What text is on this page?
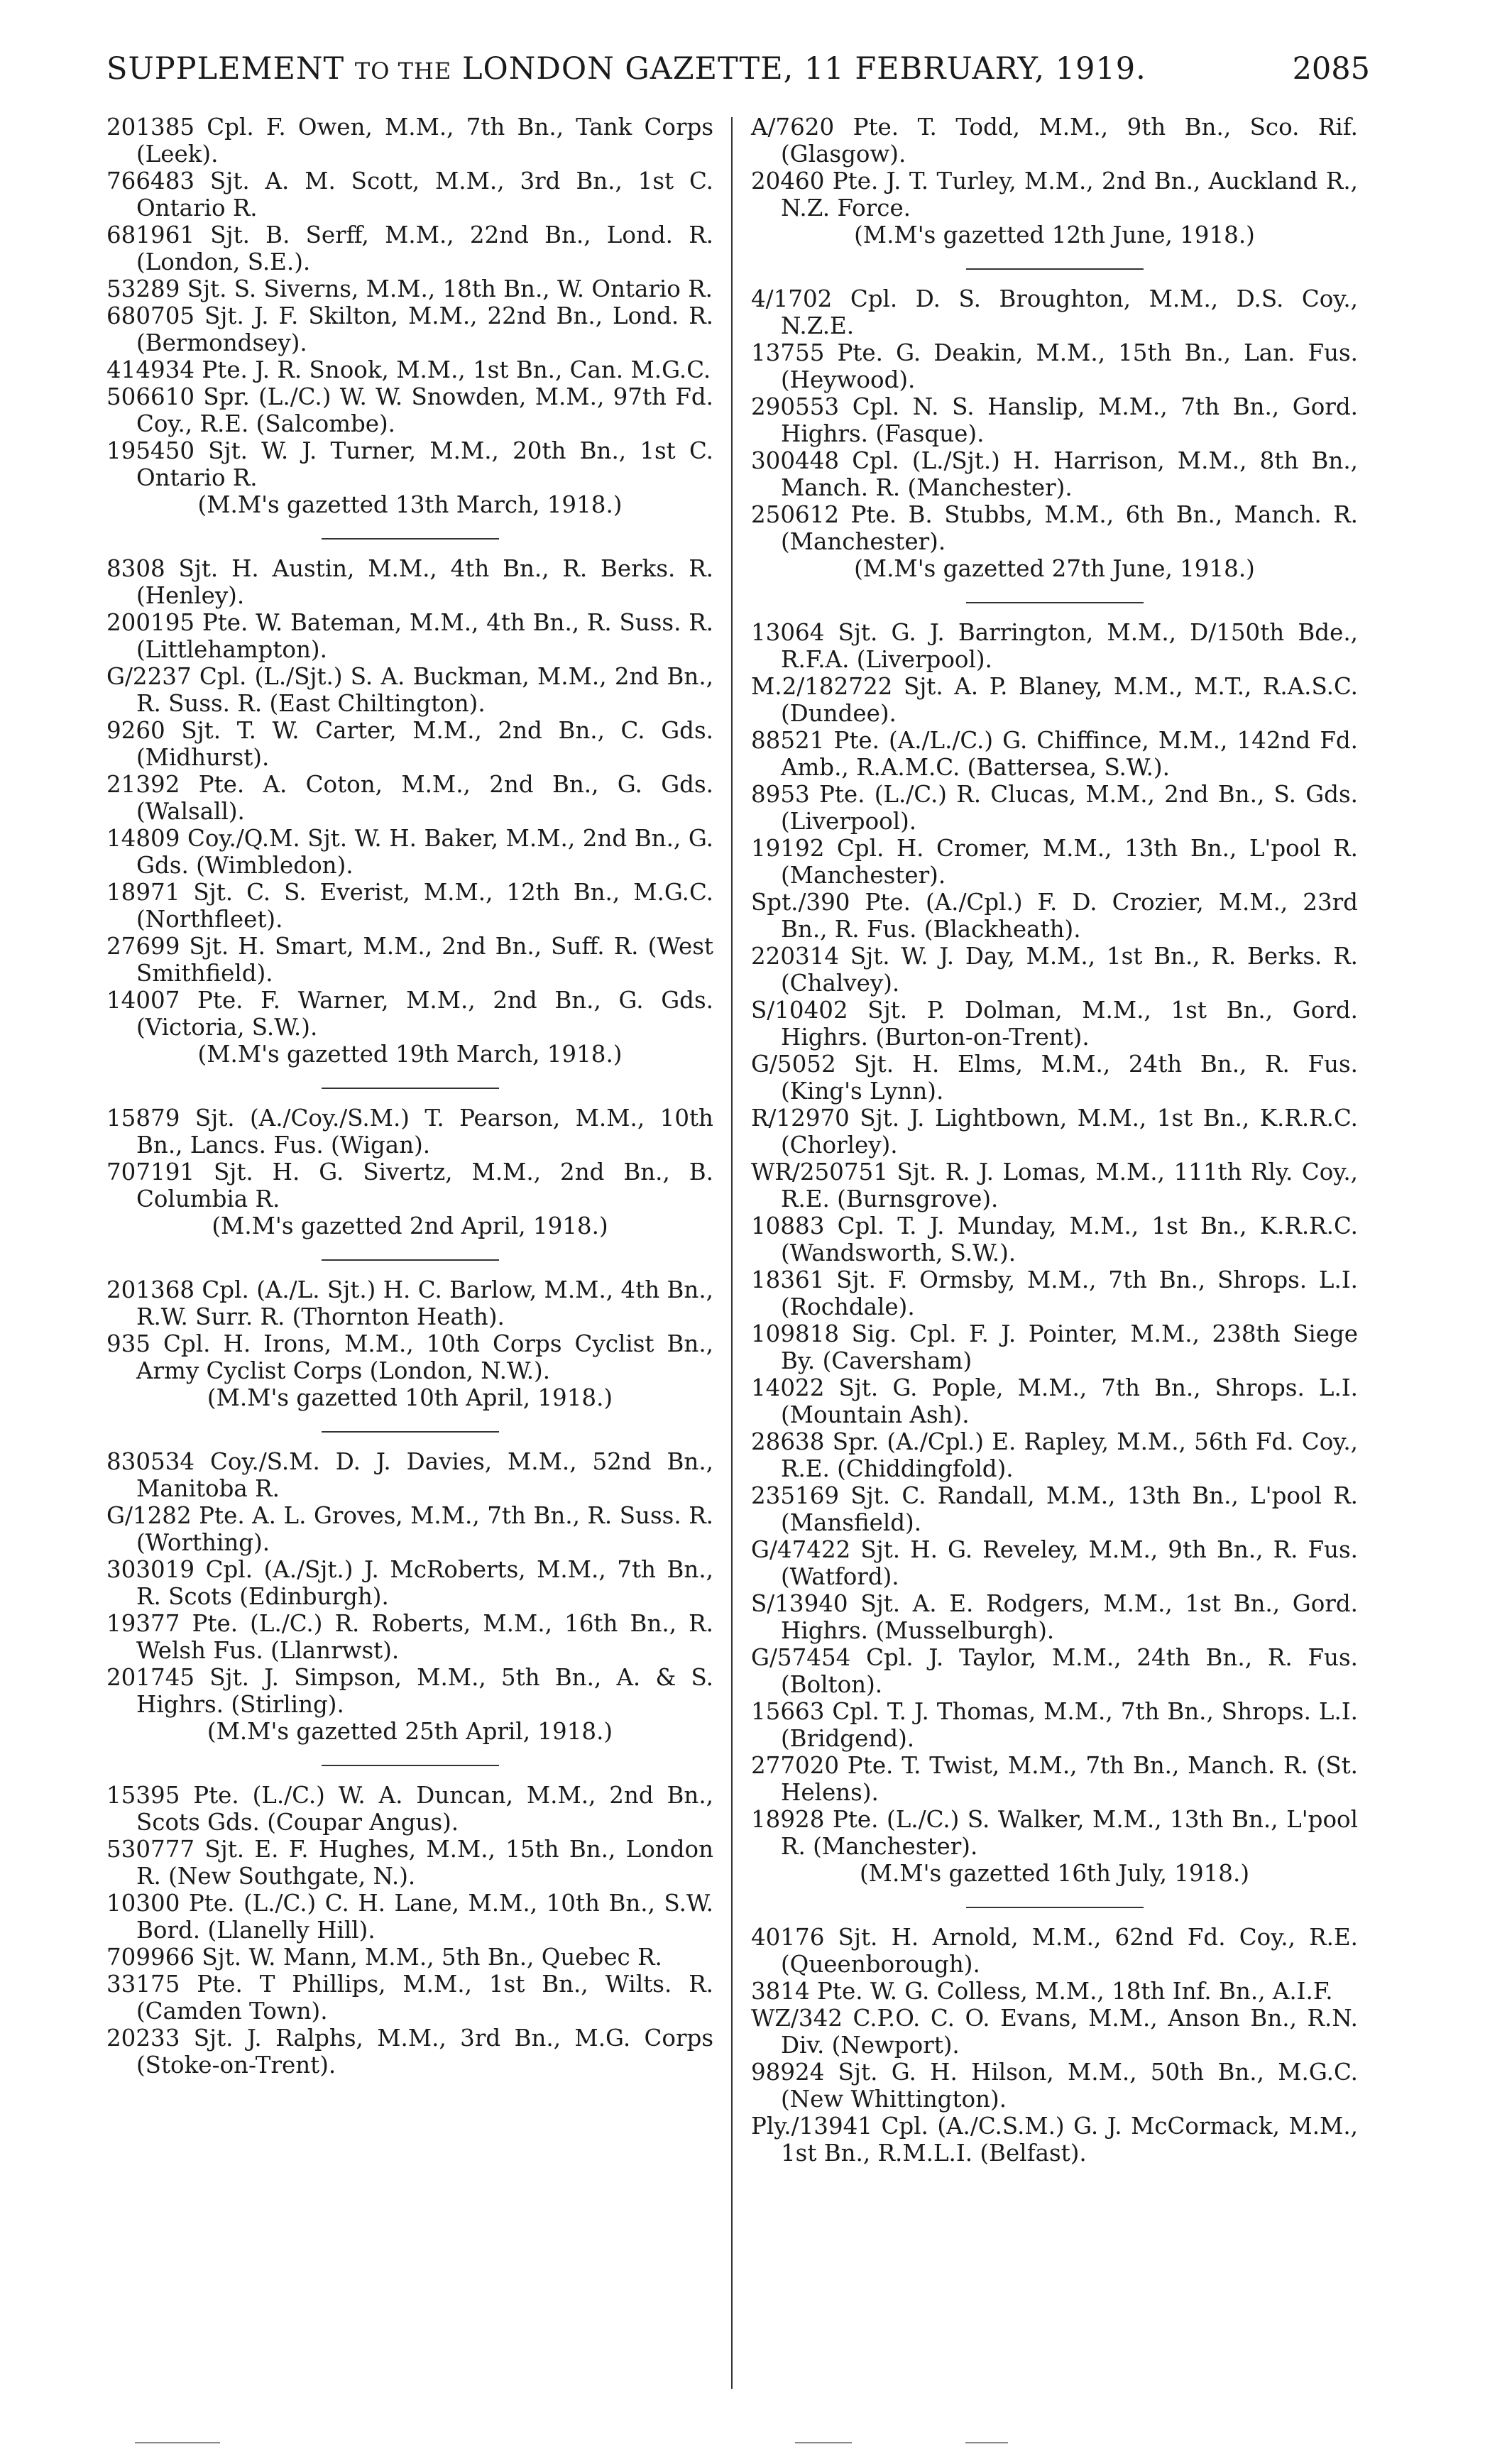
SUPPLEMENT TO THE LONDON GAZETTE, 11 FEBRUARY, 1919.	2085

201385 Cpl. F. Owen, M.M., 7th Bn., Tank Corps (Leek).

766483 Sjt. A. M. Scott, M.M., 3rd Bn., 1st C. Ontario R.

681961 Sjt. B. Serff, M.M., 22nd Bn., Lond. R. (London, S.E.).

53289 Sjt. S. Siverns, M.M., 18th Bn., W. Ontario R.

680705 Sjt. J. F. Skilton, M.M., 22nd Bn., Lond. R. (Bermondsey).

414934 Pte. J. R. Snook, M.M., 1st Bn., Can. M.G.C.

506610 Spr. (L./C.) W. W. Snowden, M.M., 97th Fd. Coy., R.E. (Salcombe).

195450 Sjt. W. J. Turner, M.M., 20th Bn., 1st C. Ontario R.

(M.M's gazetted 13th March, 1918.)

8308 Sjt. H. Austin, M.M., 4th Bn., R. Berks. R. (Henley).

200195 Pte. W. Bateman, M.M., 4th Bn., R. Suss. R. (Littlehampton).

G/2237 Cpl. (L./Sjt.) S. A. Buckman, M.M., 2nd Bn., R. Suss. R. (East Chiltington).

9260 Sjt. T. W. Carter, M.M., 2nd Bn., C. Gds. (Midhurst).

21392 Pte. A. Coton, M.M., 2nd Bn., G. Gds. (Walsall).

14809 Coy./Q.M. Sjt. W. H. Baker, M.M., 2nd Bn., G. Gds. (Wimbledon).

18971 Sjt. C. S. Everist, M.M., 12th Bn., M.G.C. (Northfleet).

27699 Sjt. H. Smart, M.M., 2nd Bn., Suff. R. (West Smithfield).

14007 Pte. F. Warner, M.M., 2nd Bn., G. Gds. (Victoria, S.W.).

(M.M's gazetted 19th March, 1918.)

15879 Sjt. (A./Coy./S.M.) T. Pearson, M.M., 10th Bn., Lancs. Fus. (Wigan).

707191 Sjt. H. G. Sivertz, M.M., 2nd Bn., B. Columbia R.

(M.M's gazetted 2nd April, 1918.)

201368 Cpl. (A./L. Sjt.) H. C. Barlow, M.M., 4th Bn., R.W. Surr. R. (Thornton Heath).

935 Cpl. H. Irons, M.M., 10th Corps Cyclist Bn., Army Cyclist Corps (London, N.W.).

(M.M's gazetted 10th April, 1918.)

830534 Coy./S.M. D. J. Davies, M.M., 52nd Bn., Manitoba R.

G/1282 Pte. A. L. Groves, M.M., 7th Bn., R. Suss. R. (Worthing).

303019 Cpl. (A./Sjt.) J. McRoberts, M.M., 7th Bn., R. Scots (Edinburgh).

19377 Pte. (L./C.) R. Roberts, M.M., 16th Bn., R. Welsh Fus. (Llanrwst).

201745 Sjt. J. Simpson, M.M., 5th Bn., A. & S. Highrs. (Stirling).

(M.M's gazetted 25th April, 1918.)

15395 Pte. (L./C.) W. A. Duncan, M.M., 2nd Bn., Scots Gds. (Coupar Angus).

530777 Sjt. E. F. Hughes, M.M., 15th Bn., London R. (New Southgate, N.).

10300 Pte. (L./C.) C. H. Lane, M.M., 10th Bn., S.W. Bord. (Llanelly Hill).

709966 Sjt. W. Mann, M.M., 5th Bn., Quebec R.

33175 Pte. T Phillips, M.M., 1st Bn., Wilts. R. (Camden Town).

20233 Sjt. J. Ralphs, M.M., 3rd Bn., M.G. Corps (Stoke-on-Trent).

A/7620 Pte. T. Todd, M.M., 9th Bn., Sco. Rif. (Glasgow).

20460 Pte. J. T. Turley, M.M., 2nd Bn., Auckland R., N.Z. Force.

(M.M's gazetted 12th June, 1918.)

4/1702 Cpl. D. S. Broughton, M.M., D.S. Coy., N.Z.E.

13755 Pte. G. Deakin, M.M., 15th Bn., Lan. Fus. (Heywood).

290553 Cpl. N. S. Hanslip, M.M., 7th Bn., Gord. Highrs. (Fasque).

300448 Cpl. (L./Sjt.) H. Harrison, M.M., 8th Bn., Manch. R. (Manchester).

250612 Pte. B. Stubbs, M.M., 6th Bn., Manch. R. (Manchester).

(M.M's gazetted 27th June, 1918.)

13064 Sjt. G. J. Barrington, M.M., D/150th Bde., R.F.A. (Liverpool).

M.2/182722 Sjt. A. P. Blaney, M.M., M.T., R.A.S.C. (Dundee).

88521 Pte. (A./L./C.) G. Chiffince, M.M., 142nd Fd. Amb., R.A.M.C. (Battersea, S.W.).

8953 Pte. (L./C.) R. Clucas, M.M., 2nd Bn., S. Gds. (Liverpool).

19192 Cpl. H. Cromer, M.M., 13th Bn., L'pool R. (Manchester).

Spt./390 Pte. (A./Cpl.) F. D. Crozier, M.M., 23rd Bn., R. Fus. (Blackheath).

220314 Sjt. W. J. Day, M.M., 1st Bn., R. Berks. R. (Chalvey).

S/10402 Sjt. P. Dolman, M.M., 1st Bn., Gord. Highrs. (Burton-on-Trent).

G/5052 Sjt. H. Elms, M.M., 24th Bn., R. Fus. (King's Lynn).

R/12970 Sjt. J. Lightbown, M.M., 1st Bn., K.R.R.C. (Chorley).

WR/250751 Sjt. R. J. Lomas, M.M., 111th Rly. Coy., R.E. (Burnsgrove).

10883 Cpl. T. J. Munday, M.M., 1st Bn., K.R.R.C. (Wandsworth, S.W.).

18361 Sjt. F. Ormsby, M.M., 7th Bn., Shrops. L.I. (Rochdale).

109818 Sig. Cpl. F. J. Pointer, M.M., 238th Siege By. (Caversham)

14022 Sjt. G. Pople, M.M., 7th Bn., Shrops. L.I. (Mountain Ash).

28638 Spr. (A./Cpl.) E. Rapley, M.M., 56th Fd. Coy., R.E. (Chiddingfold).

235169 Sjt. C. Randall, M.M., 13th Bn., L'pool R. (Mansfield).

G/47422 Sjt. H. G. Reveley, M.M., 9th Bn., R. Fus. (Watford).

S/13940 Sjt. A. E. Rodgers, M.M., 1st Bn., Gord. Highrs. (Musselburgh).

G/57454 Cpl. J. Taylor, M.M., 24th Bn., R. Fus. (Bolton).

15663 Cpl. T. J. Thomas, M.M., 7th Bn., Shrops. L.I. (Bridgend).

277020 Pte. T. Twist, M.M., 7th Bn., Manch. R. (St. Helens).

18928 Pte. (L./C.) S. Walker, M.M., 13th Bn., L'pool R. (Manchester).

(M.M's gazetted 16th July, 1918.)

40176 Sjt. H. Arnold, M.M., 62nd Fd. Coy., R.E. (Queenborough).

3814 Pte. W. G. Colless, M.M., 18th Inf. Bn., A.I.F.

WZ/342 C.P.O. C. O. Evans, M.M., Anson Bn., R.N. Div. (Newport).

98924 Sjt. G. H. Hilson, M.M., 50th Bn., M.G.C. (New Whittington).

Ply./13941 Cpl. (A./C.S.M.) G. J. McCormack, M.M., 1st Bn., R.M.L.I. (Belfast).
